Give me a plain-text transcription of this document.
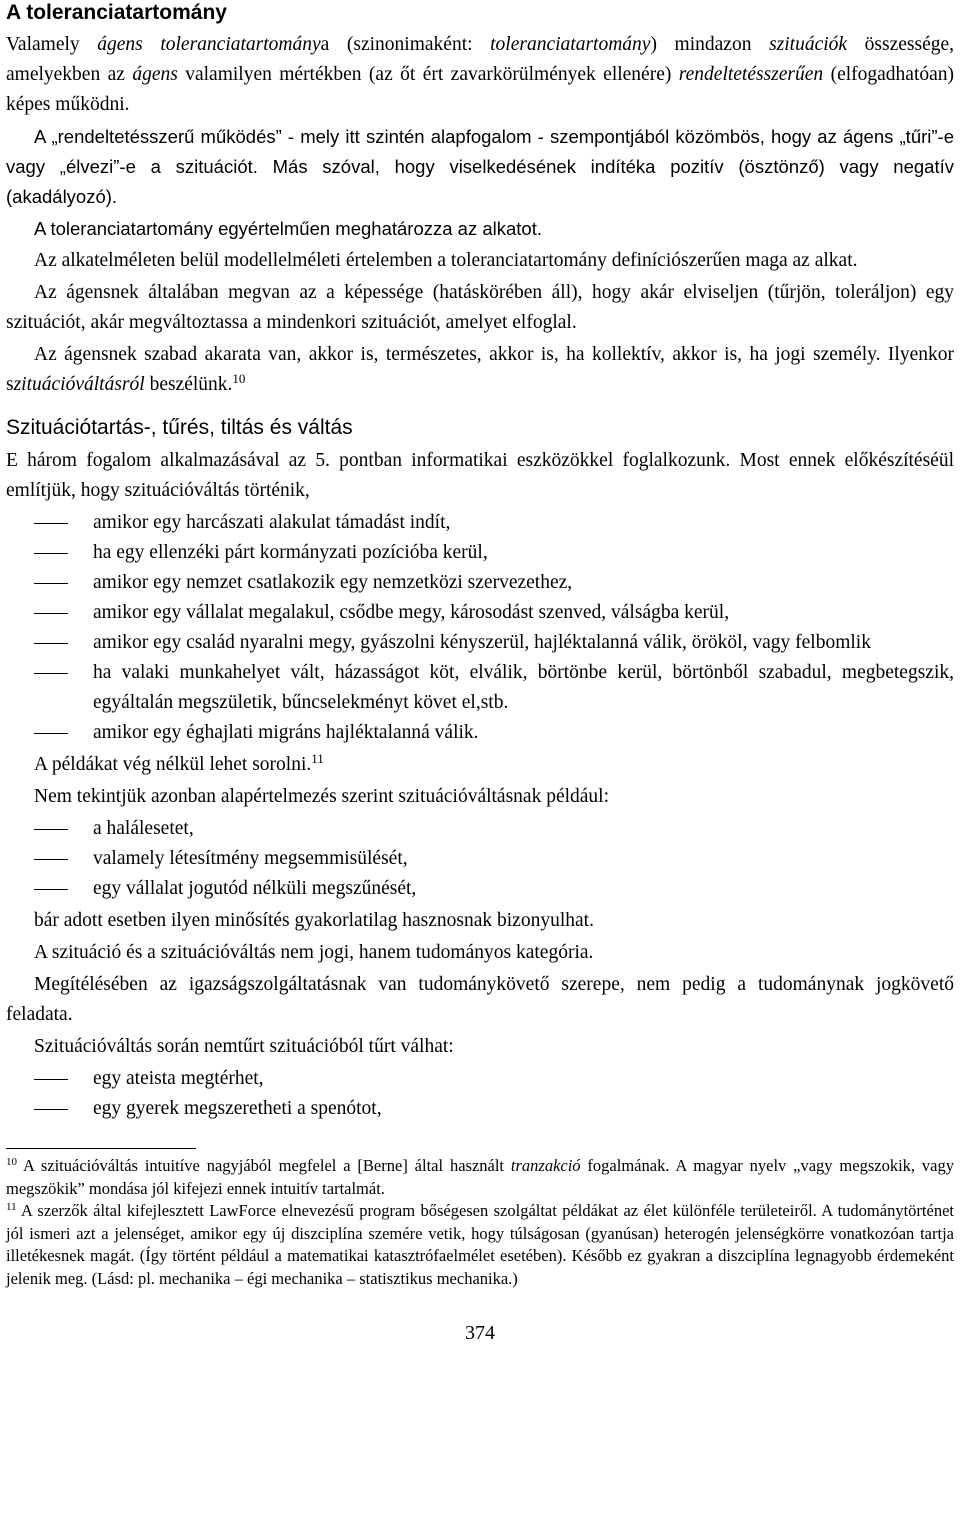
A toleranciatartomány

Valamely ágens toleranciatartománya (szinonimaként: toleranciatartomány) mindazon szituációk összessége, amelyekben az ágens valamilyen mértékben (az őt ért zavarkörülmények ellenére) rendeltetésszerűen (elfogadhatóan) képes működni.

A „rendeltetésszerű működés” - mely itt szintén alapfogalom - szempontjából közömbös, hogy az ágens „tűri”-e vagy „élvezi”-e a szituációt. Más szóval, hogy viselkedésének indítéka pozitív (ösztönző) vagy negatív (akadályozó).

A toleranciatartomány egyértelműen meghatározza az alkatot.

Az alkatelméleten belül modellelméleti értelemben a toleranciatartomány definíciószerűen maga az alkat.

Az ágensnek általában megvan az a képessége (hatáskörében áll), hogy akár elviseljen (tűrjön, toleráljon) egy szituációt, akár megváltoztassa a mindenkori szituációt, amelyet elfoglal.

Az ágensnek szabad akarata van, akkor is, természetes, akkor is, ha kollektív, akkor is, ha jogi személy. Ilyenkor szituációváltásról beszélünk.$^{10}$

Szituációtartás-, tűrés, tiltás és váltás

E három fogalom alkalmazásával az 5. pontban informatikai eszközökkel foglalkozunk. Most ennek előkészítéséül említjük, hogy szituációváltás történik,

amikor egy harcászati alakulat támadást indít,
ha egy ellenzéki párt kormányzati pozícióba kerül,
amikor egy nemzet csatlakozik egy nemzetközi szervezethez,
amikor egy vállalat megalakul, csődbe megy, károsodást szenved, válságba kerül,
amikor egy család nyaralni megy, gyászolni kényszerül, hajléktalanná válik, örököl, vagy felbomlik
ha valaki munkahelyet vált, házasságot köt, elválik, börtönbe kerül, börtönből szabadul, megbetegszik, egyáltalán megszületik, bűncselekményt követ el,stb.
amikor egy éghajlati migráns hajléktalanná válik.

A példákat vég nélkül lehet sorolni.$^{11}$

Nem tekintjük azonban alapértelmezés szerint szituációváltásnak például:

a halálesetet,
valamely létesítmény megsemmisülését,
egy vállalat jogutód nélküli megszűnését,

bár adott esetben ilyen minősítés gyakorlatilag hasznosnak bizonyulhat.

A szituáció és a szituációváltás nem jogi, hanem tudományos kategória.

Megítélésében az igazságszolgáltatásnak van tudománykövető szerepe, nem pedig a tudománynak jogkövető feladata.

Szituációváltás során nemtűrt szituációból tűrt válhat:

egy ateista megtérhet,
egy gyerek megszeretheti a spenótot,

$^{10}$ A szituációváltás intuitíve nagyjából megfelel a [Berne] által használt tranzakció fogalmának. A magyar nyelv „vagy megszokik, vagy megszökik” mondása jól kifejezi ennek intuitív tartalmát.

$^{11}$ A szerzők által kifejlesztett LawForce elnevezésű program bőségesen szolgáltat példákat az élet különféle területeiről. A tudománytörténet jól ismeri azt a jelenséget, amikor egy új diszciplína szemére vetik, hogy túlságosan (gyanúsan) heterogén jelenségkörre vonatkozóan tartja illetékesnek magát. (Így történt például a matematikai katasztrófaelmélet esetében). Később ez gyakran a diszciplína legnagyobb érdemeként jelenik meg. (Lásd: pl. mechanika – égi mechanika – statisztikus mechanika.)

374
